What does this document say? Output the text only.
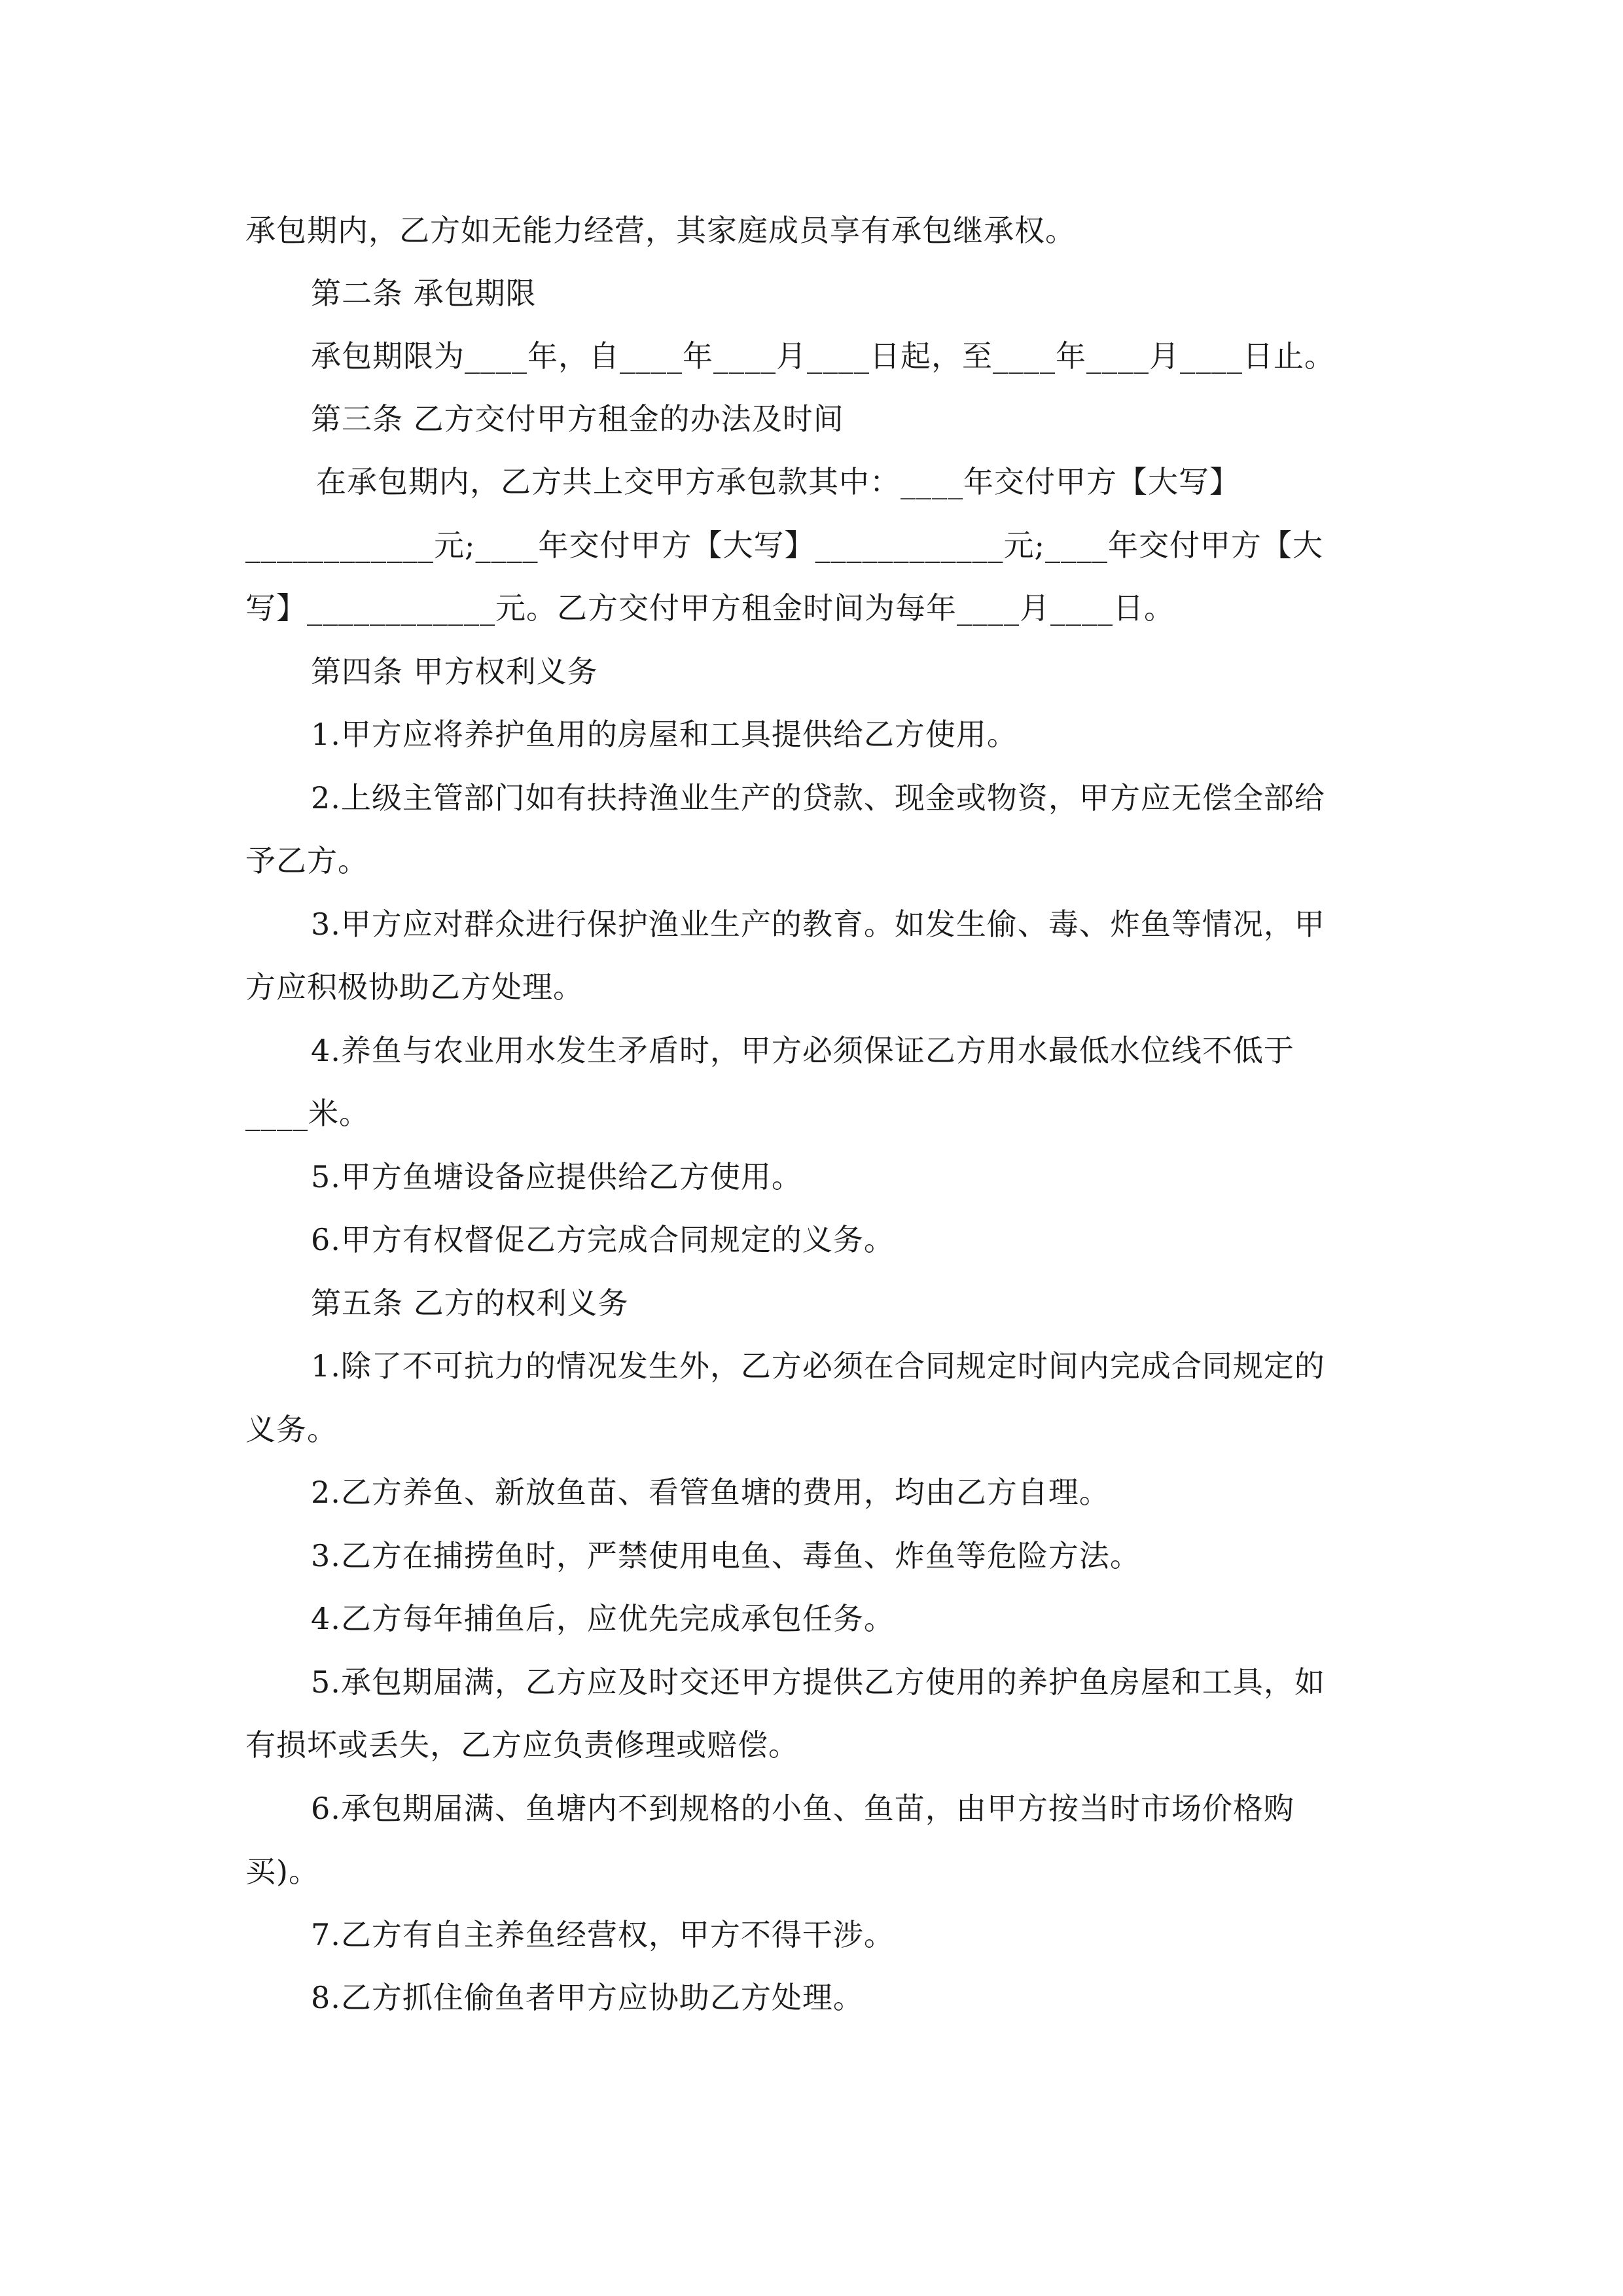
承包期内，乙方如无能力经营，其家庭成员享有承包继承权。
第二条 承包期限
承包期限为____年，自____年____月____日起，至____年____月____日止。
第三条 乙方交付甲方租金的办法及时间
在承包期内，乙方共上交甲方承包款其中：____年交付甲方【大写】
____________元;____年交付甲方【大写】____________元;____年交付甲方【大
写】____________元。乙方交付甲方租金时间为每年____月____日。
第四条 甲方权利义务
1.甲方应将养护鱼用的房屋和工具提供给乙方使用。
2.上级主管部门如有扶持渔业生产的贷款、现金或物资，甲方应无偿全部给
予乙方。
3.甲方应对群众进行保护渔业生产的教育。如发生偷、毒、炸鱼等情况，甲
方应积极协助乙方处理。
4.养鱼与农业用水发生矛盾时，甲方必须保证乙方用水最低水位线不低于
____米。
5.甲方鱼塘设备应提供给乙方使用。
6.甲方有权督促乙方完成合同规定的义务。
第五条 乙方的权利义务
1.除了不可抗力的情况发生外，乙方必须在合同规定时间内完成合同规定的
义务。
2.乙方养鱼、新放鱼苗、看管鱼塘的费用，均由乙方自理。
3.乙方在捕捞鱼时，严禁使用电鱼、毒鱼、炸鱼等危险方法。
4.乙方每年捕鱼后，应优先完成承包任务。
5.承包期届满，乙方应及时交还甲方提供乙方使用的养护鱼房屋和工具，如
有损坏或丢失，乙方应负责修理或赔偿。
6.承包期届满、鱼塘内不到规格的小鱼、鱼苗，由甲方按当时市场价格购
买)。
7.乙方有自主养鱼经营权，甲方不得干涉。
8.乙方抓住偷鱼者甲方应协助乙方处理。
